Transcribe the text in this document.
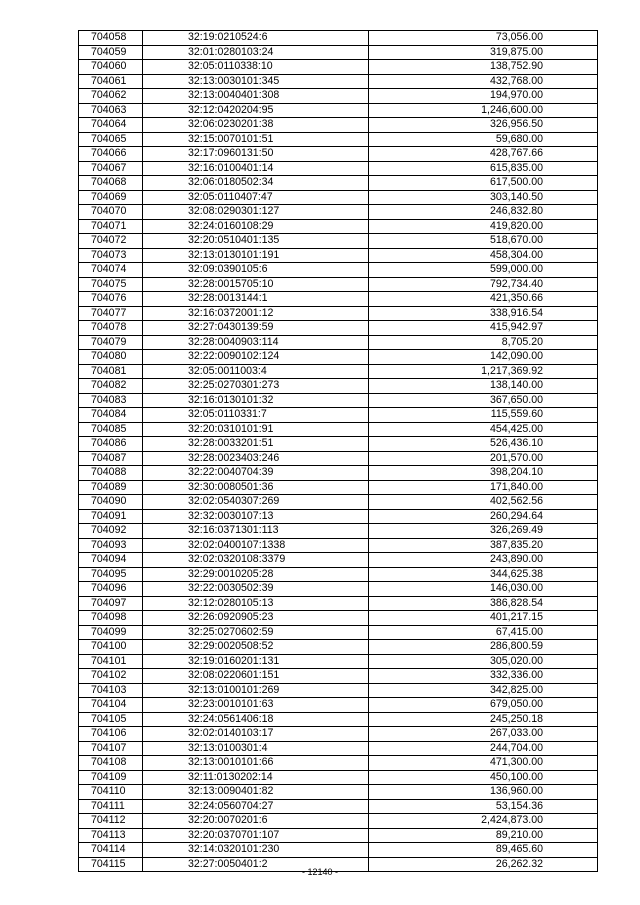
704058	32:19:0210524:6	73,056.00
704059	32:01:0280103:24	319,875.00
704060	32:05:0110338:10	138,752.90
704061	32:13:0030101:345	432,768.00
704062	32:13:0040401:308	194,970.00
704063	32:12:0420204:95	1,246,600.00
704064	32:06:0230201:38	326,956.50
704065	32:15:0070101:51	59,680.00
704066	32:17:0960131:50	428,767.66
704067	32:16:0100401:14	615,835.00
704068	32:06:0180502:34	617,500.00
704069	32:05:0110407:47	303,140.50
704070	32:08:0290301:127	246,832.80
704071	32:24:0160108:29	419,820.00
704072	32:20:0510401:135	518,670.00
704073	32:13:0130101:191	458,304.00
704074	32:09:0390105:6	599,000.00
704075	32:28:0015705:10	792,734.40
704076	32:28:0013144:1	421,350.66
704077	32:16:0372001:12	338,916.54
704078	32:27:0430139:59	415,942.97
704079	32:28:0040903:114	8,705.20
704080	32:22:0090102:124	142,090.00
704081	32:05:0011003:4	1,217,369.92
704082	32:25:0270301:273	138,140.00
704083	32:16:0130101:32	367,650.00
704084	32:05:0110331:7	115,559.60
704085	32:20:0310101:91	454,425.00
704086	32:28:0033201:51	526,436.10
704087	32:28:0023403:246	201,570.00
704088	32:22:0040704:39	398,204.10
704089	32:30:0080501:36	171,840.00
704090	32:02:0540307:269	402,562.56
704091	32:32:0030107:13	260,294.64
704092	32:16:0371301:113	326,269.49
704093	32:02:0400107:1338	387,835.20
704094	32:02:0320108:3379	243,890.00
704095	32:29:0010205:28	344,625.38
704096	32:22:0030502:39	146,030.00
704097	32:12:0280105:13	386,828.54
704098	32:26:0920905:23	401,217.15
704099	32:25:0270602:59	67,415.00
704100	32:29:0020508:52	286,800.59
704101	32:19:0160201:131	305,020.00
704102	32:08:0220601:151	332,336.00
704103	32:13:0100101:269	342,825.00
704104	32:23:0010101:63	679,050.00
704105	32:24:0561406:18	245,250.18
704106	32:02:0140103:17	267,033.00
704107	32:13:0100301:4	244,704.00
704108	32:13:0010101:66	471,300.00
704109	32:11:0130202:14	450,100.00
704110	32:13:0090401:82	136,960.00
704111	32:24:0560704:27	53,154.36
704112	32:20:0070201:6	2,424,873.00
704113	32:20:0370701:107	89,210.00
704114	32:14:0320101:230	89,465.60
704115	32:27:0050401:2	26,262.32
- 12140 -
